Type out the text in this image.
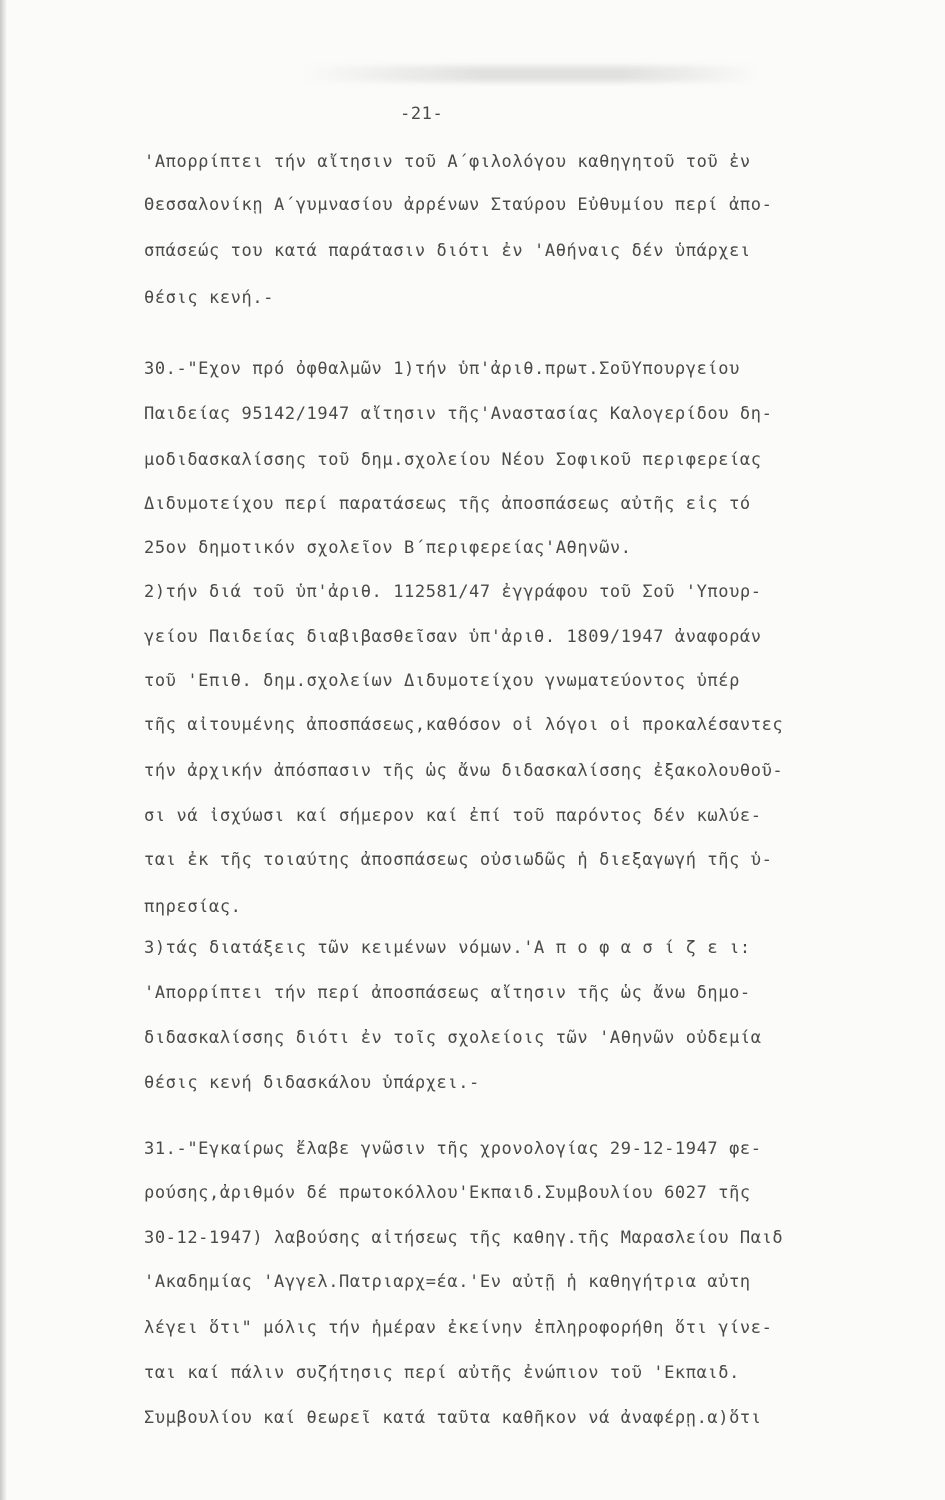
-21-
'Απορρίπτει τήν αἴτησιν τοῦ Α΄φιλολόγου καθηγητοῦ τοῦ ἐν
Θεσσαλονίκῃ Α΄γυμνασίου ἀρρένων Σταύρου Εὐθυμίου περί ἀπο-
σπάσεώς του κατά παράτασιν διότι ἐν 'Αθήναις δέν ὑπάρχει
θέσις κενή.-
30.-"Εχον πρό ὀφθαλμῶν 1)τήν ὑπ'ἀριθ.πρωτ.ΣοῦΥπουργείου
Παιδείας 95142/1947 αἴτησιν τῆς'Αναστασίας Καλογερίδου δη-
μοδιδασκαλίσσης τοῦ δημ.σχολείου Νέου Σοφικοῦ περιφερείας
Διδυμοτείχου περί παρατάσεως τῆς ἀποσπάσεως αὐτῆς εἰς τό
25ον δημοτικόν σχολεῖον Β΄περιφερείας'Αθηνῶν.
2)τήν διά τοῦ ὑπ'ἀριθ. 112581/47 ἐγγράφου τοῦ Σοῦ 'Υπουρ-
γείου Παιδείας διαβιβασθεῖσαν ὑπ'ἀριθ. 1809/1947 ἀναφοράν
τοῦ 'Επιθ. δημ.σχολείων Διδυμοτείχου γνωματεύοντος ὑπέρ
τῆς αἰτουμένης ἀποσπάσεως,καθόσον οἱ λόγοι οἱ προκαλέσαντες
τήν ἀρχικήν ἀπόσπασιν τῆς ὡς ἄνω διδασκαλίσσης ἐξακολουθοῦ-
σι νά ἰσχύωσι καί σήμερον καί ἐπί τοῦ παρόντος δέν κωλύε-
ται ἐκ τῆς τοιαύτης ἀποσπάσεως οὐσιωδῶς ἡ διεξαγωγή τῆς ὑ-
πηρεσίας.
3)τάς διατάξεις τῶν κειμένων νόμων.'Α π ο φ α σ ί ζ ε ι:
'Απορρίπτει τήν περί ἀποσπάσεως αἴτησιν τῆς ὡς ἄνω δημο-
διδασκαλίσσης διότι ἐν τοῖς σχολείοις τῶν 'Αθηνῶν οὐδεμία
θέσις κενή διδασκάλου ὑπάρχει.-
31.-"Εγκαίρως ἔλαβε γνῶσιν τῆς χρονολογίας 29-12-1947 φε-
ρούσης,ἀριθμόν δέ πρωτοκόλλου'Εκπαιδ.Συμβουλίου 6027 τῆς
30-12-1947) λαβούσης αἰτήσεως τῆς καθηγ.τῆς Μαρασλείου Παιδ
'Ακαδημίας 'Αγγελ.Πατριαρχ=έα.'Εν αὐτῇ ἡ καθηγήτρια αὐτη
λέγει ὅτι" μόλις τήν ἡμέραν ἐκείνην ἐπληροφορήθη ὅτι γίνε-
ται καί πάλιν συζήτησις περί αὐτῆς ἐνώπιον τοῦ 'Εκπαιδ.
Συμβουλίου καί θεωρεῖ κατά ταῦτα καθῆκον νά ἀναφέρῃ.α)ὅτι
